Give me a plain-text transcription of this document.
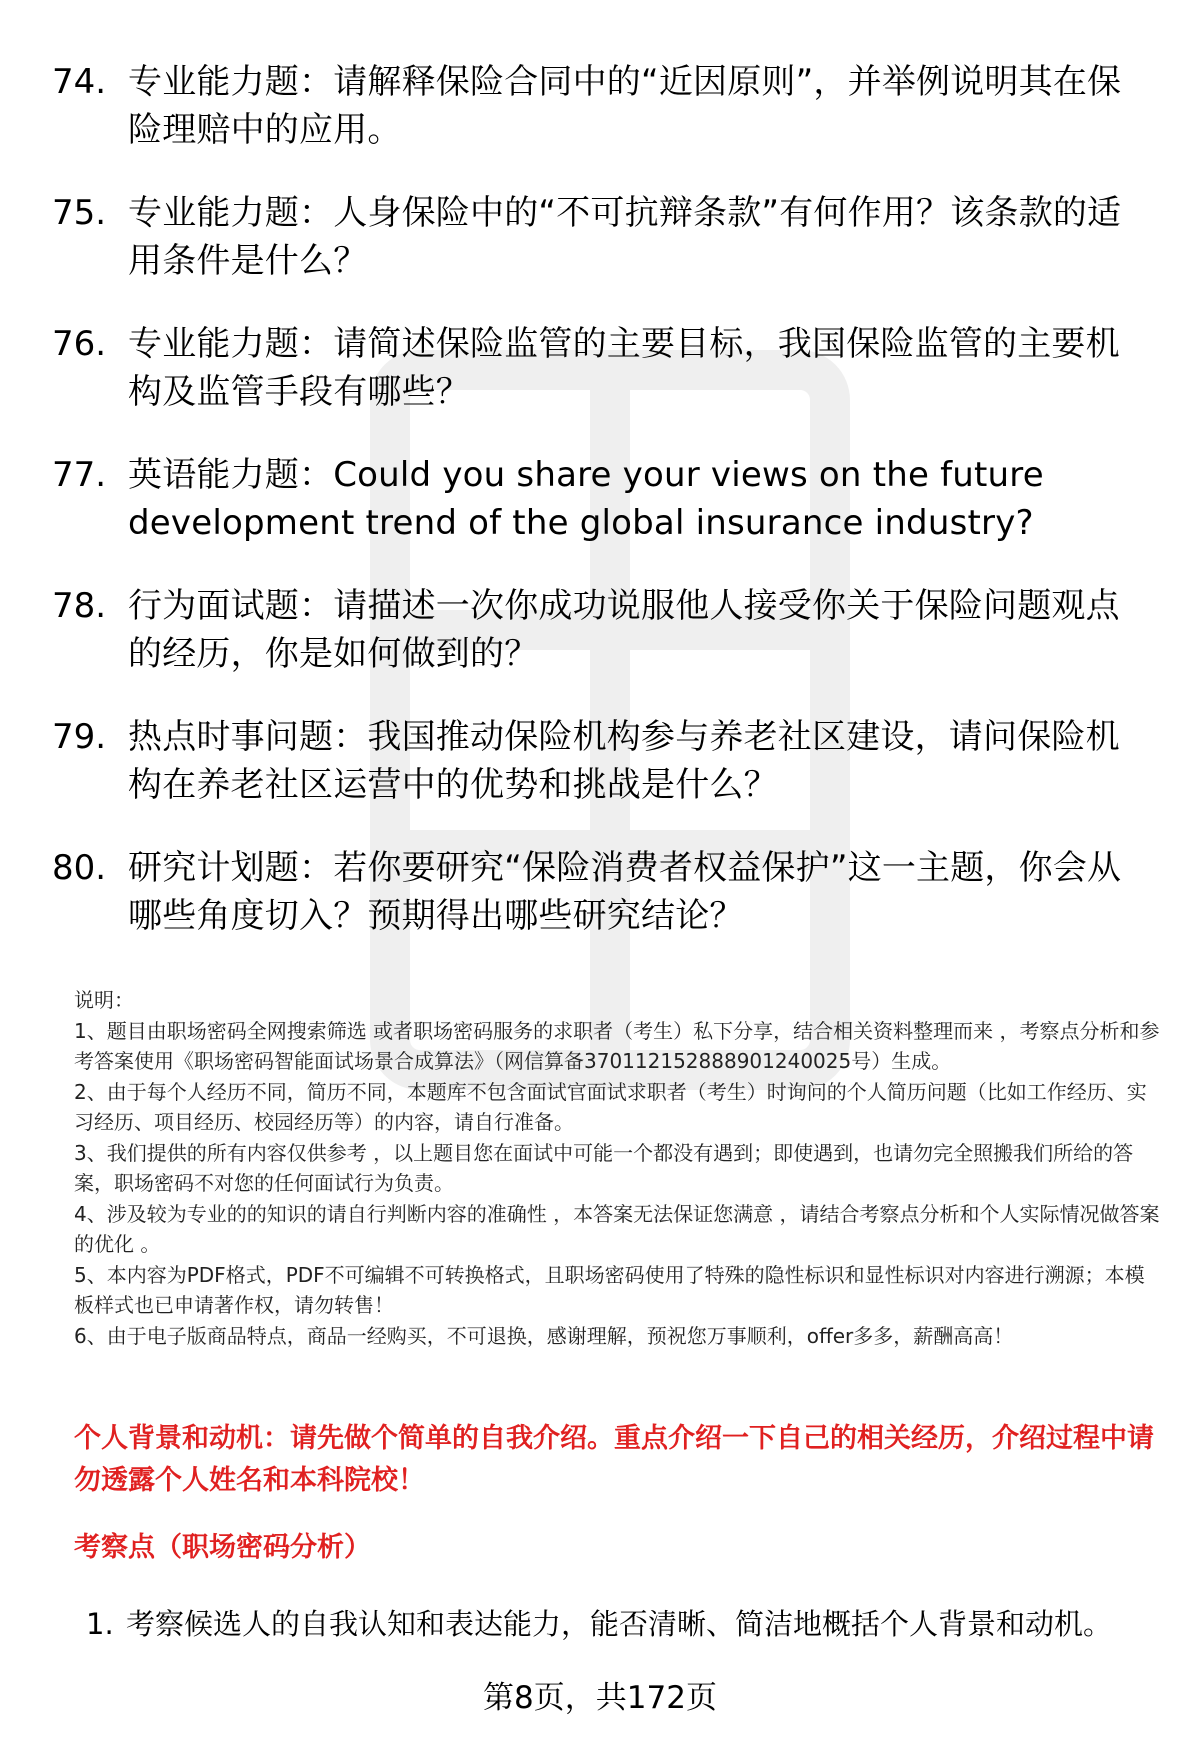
74. 专业能力题：请解释保险合同中的“近因原则”，并举例说明其在保险理赔中的应用。
75. 专业能力题：人身保险中的“不可抗辩条款”有何作用？该条款的适用条件是什么？
76. 专业能力题：请简述保险监管的主要目标，我国保险监管的主要机构及监管手段有哪些？
77. 英语能力题：Could you share your views on the future development trend of the global insurance industry?
78. 行为面试题：请描述一次你成功说服他人接受你关于保险问题观点的经历，你是如何做到的？
79. 热点时事问题：我国推动保险机构参与养老社区建设，请问保险机构在养老社区运营中的优势和挑战是什么？
80. 研究计划题：若你要研究“保险消费者权益保护”这一主题，你会从哪些角度切入？预期得出哪些研究结论？

说明：

1、题目由职场密码全网搜索筛选 或者职场密码服务的求职者（考生）私下分享，结合相关资料整理而来 ，考察点分析和参考答案使用《职场密码智能面试场景合成算法》（网信算备370112152888901240025号）生成。

2、由于每个人经历不同，简历不同，本题库不包含面试官面试求职者（考生）时询问的个人简历问题（比如工作经历、实习经历、项目经历、校园经历等）的内容，请自行准备。

3、我们提供的所有内容仅供参考 ，以上题目您在面试中可能一个都没有遇到；即使遇到，也请勿完全照搬我们所给的答案，职场密码不对您的任何面试行为负责。

4、涉及较为专业的的知识的请自行判断内容的准确性 ，本答案无法保证您满意 ，请结合考察点分析和个人实际情况做答案的优化 。

5、本内容为PDF格式，PDF不可编辑不可转换格式，且职场密码使用了特殊的隐性标识和显性标识对内容进行溯源；本模板样式也已申请著作权，请勿转售！

6、由于电子版商品特点，商品一经购买，不可退换，感谢理解，预祝您万事顺利，offer多多，薪酬高高！

个人背景和动机：请先做个简单的自我介绍。重点介绍一下自己的相关经历，介绍过程中请勿透露个人姓名和本科院校！
考察点（职场密码分析）
1. 考察候选人的自我认知和表达能力，能否清晰、简洁地概括个人背景和动机。
第8页，共172页
